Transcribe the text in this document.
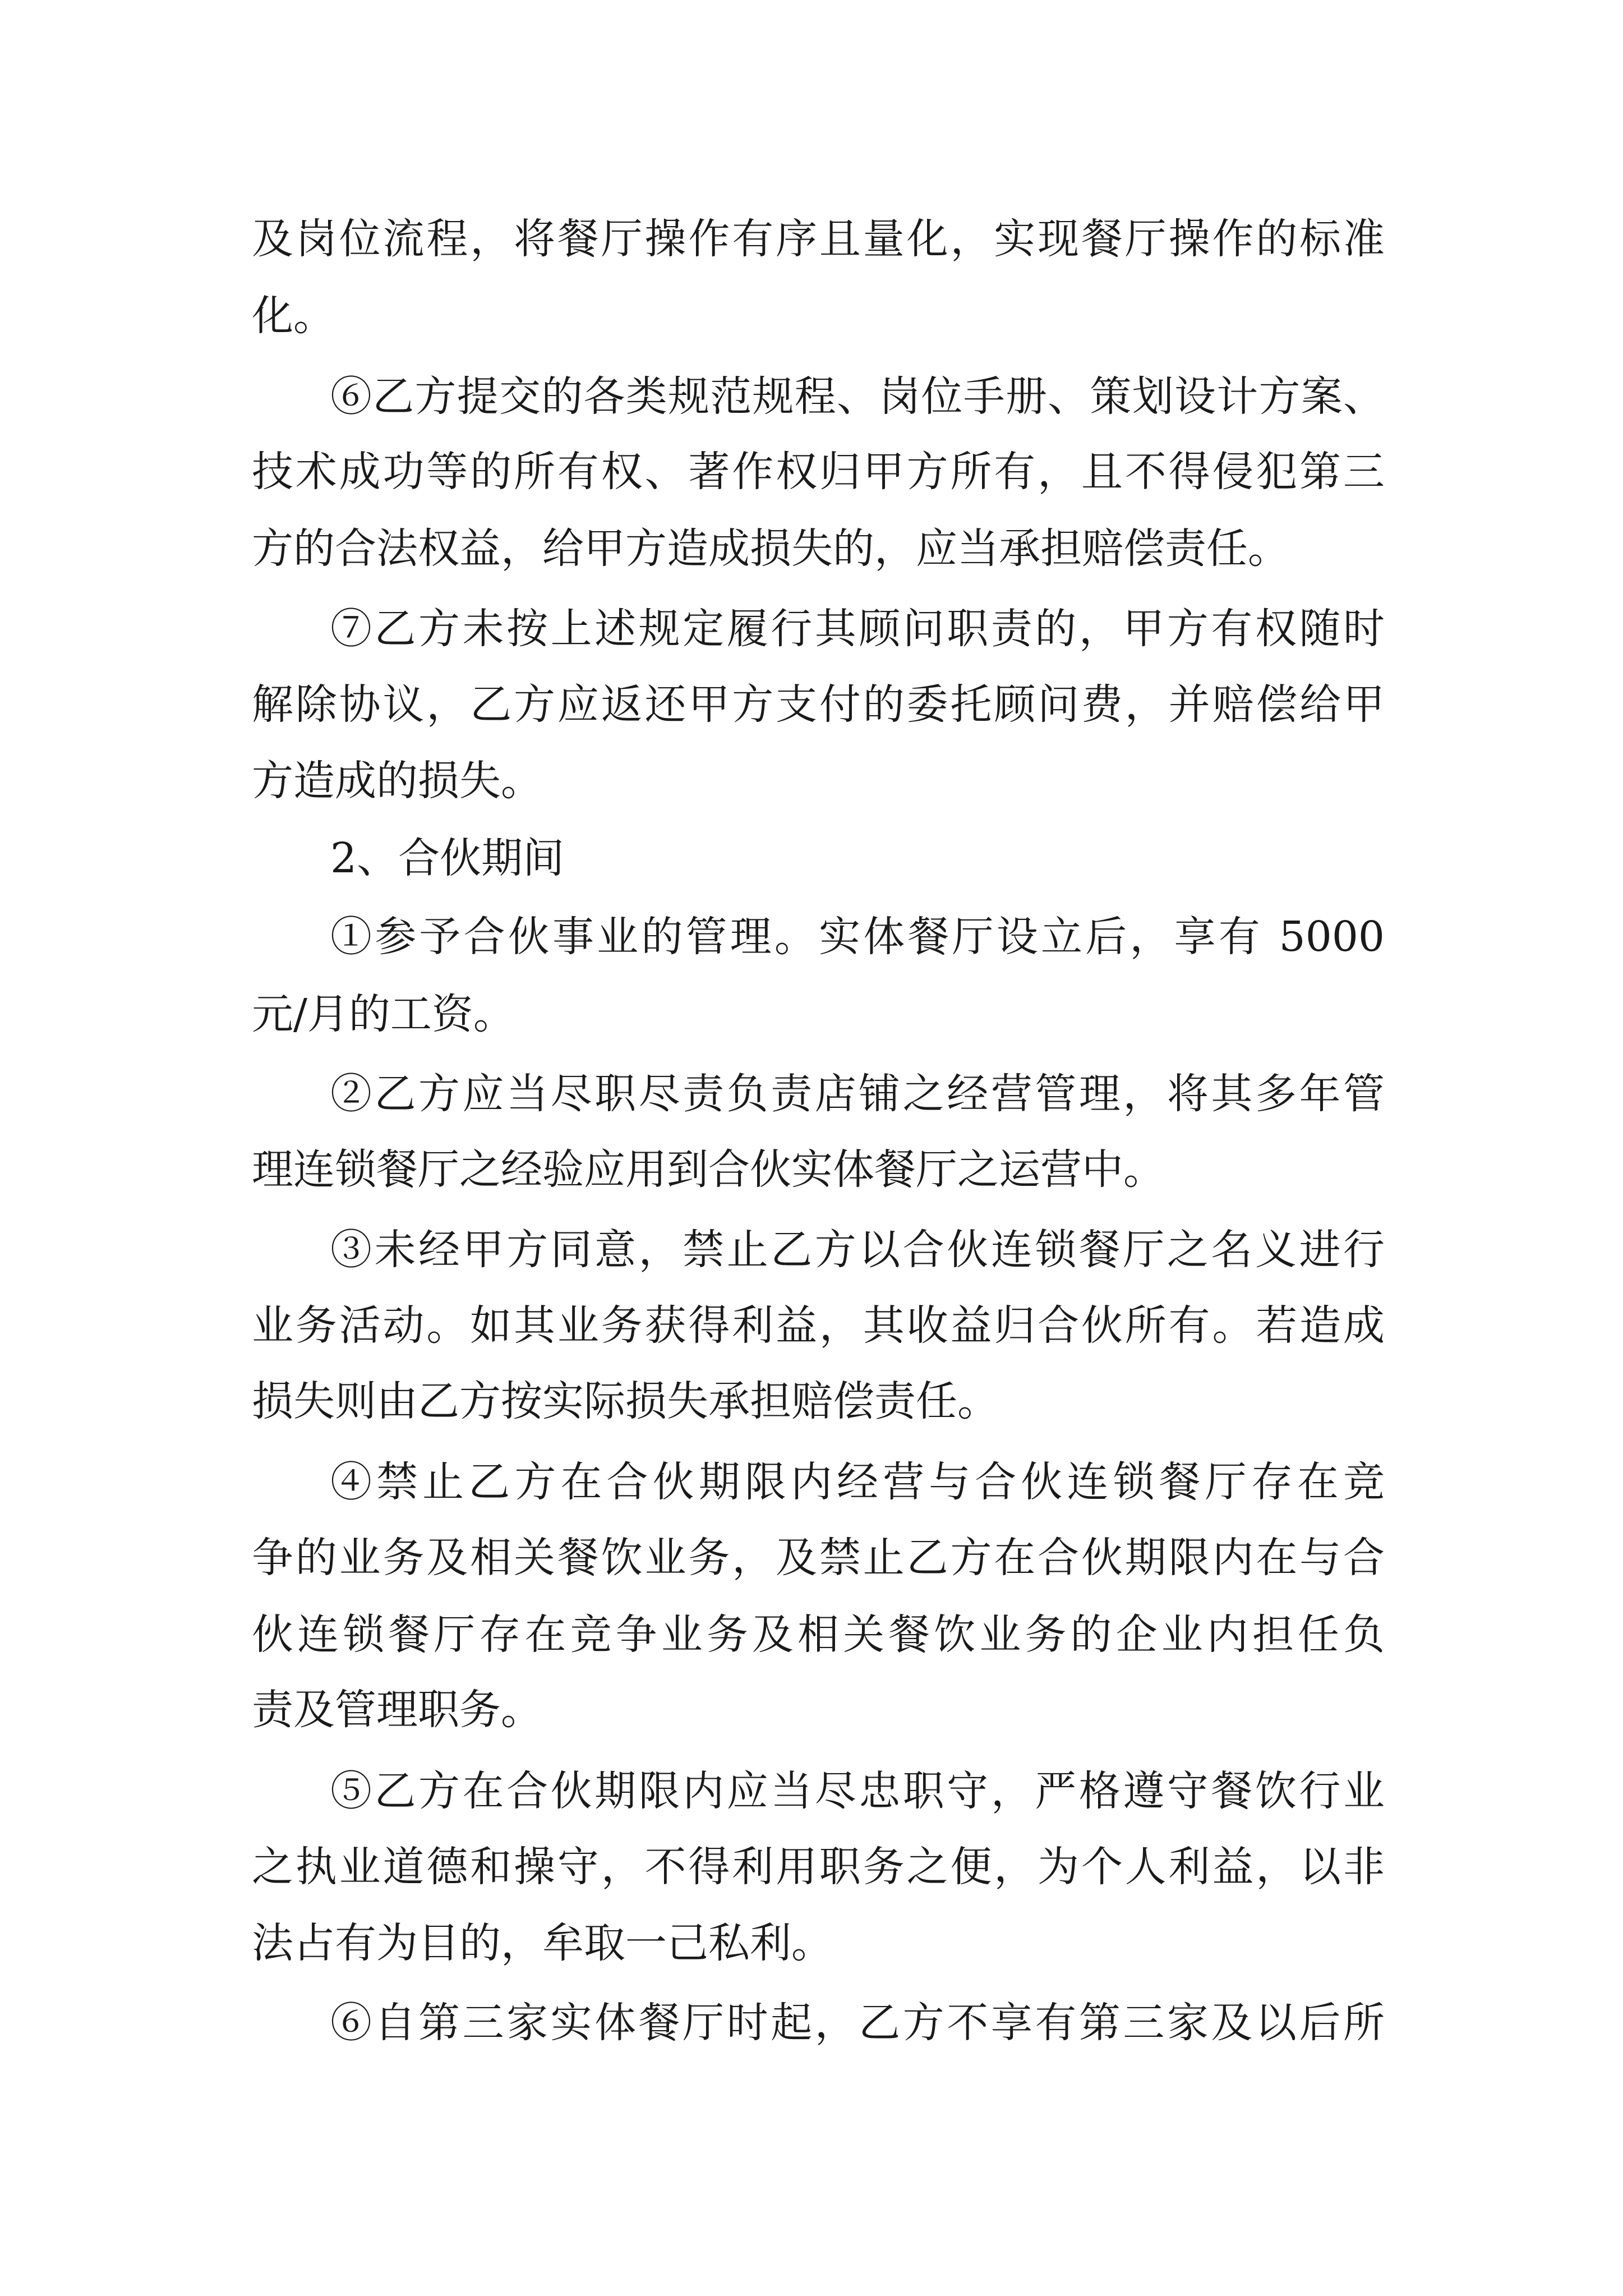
及岗位流程，将餐厅操作有序且量化，实现餐厅操作的标准
化。
⑥乙方提交的各类规范规程、岗位手册、策划设计方案、
技术成功等的所有权、著作权归甲方所有，且不得侵犯第三
方的合法权益，给甲方造成损失的，应当承担赔偿责任。
⑦乙方未按上述规定履行其顾问职责的，甲方有权随时
解除协议，乙方应返还甲方支付的委托顾问费，并赔偿给甲
方造成的损失。
2、合伙期间
①参予合伙事业的管理。实体餐厅设立后，享有 5000
元/月的工资。
②乙方应当尽职尽责负责店铺之经营管理，将其多年管
理连锁餐厅之经验应用到合伙实体餐厅之运营中。
③未经甲方同意，禁止乙方以合伙连锁餐厅之名义进行
业务活动。如其业务获得利益，其收益归合伙所有。若造成
损失则由乙方按实际损失承担赔偿责任。
④禁止乙方在合伙期限内经营与合伙连锁餐厅存在竞
争的业务及相关餐饮业务，及禁止乙方在合伙期限内在与合
伙连锁餐厅存在竞争业务及相关餐饮业务的企业内担任负
责及管理职务。
⑤乙方在合伙期限内应当尽忠职守，严格遵守餐饮行业
之执业道德和操守，不得利用职务之便，为个人利益，以非
法占有为目的，牟取一己私利。
⑥自第三家实体餐厅时起，乙方不享有第三家及以后所
